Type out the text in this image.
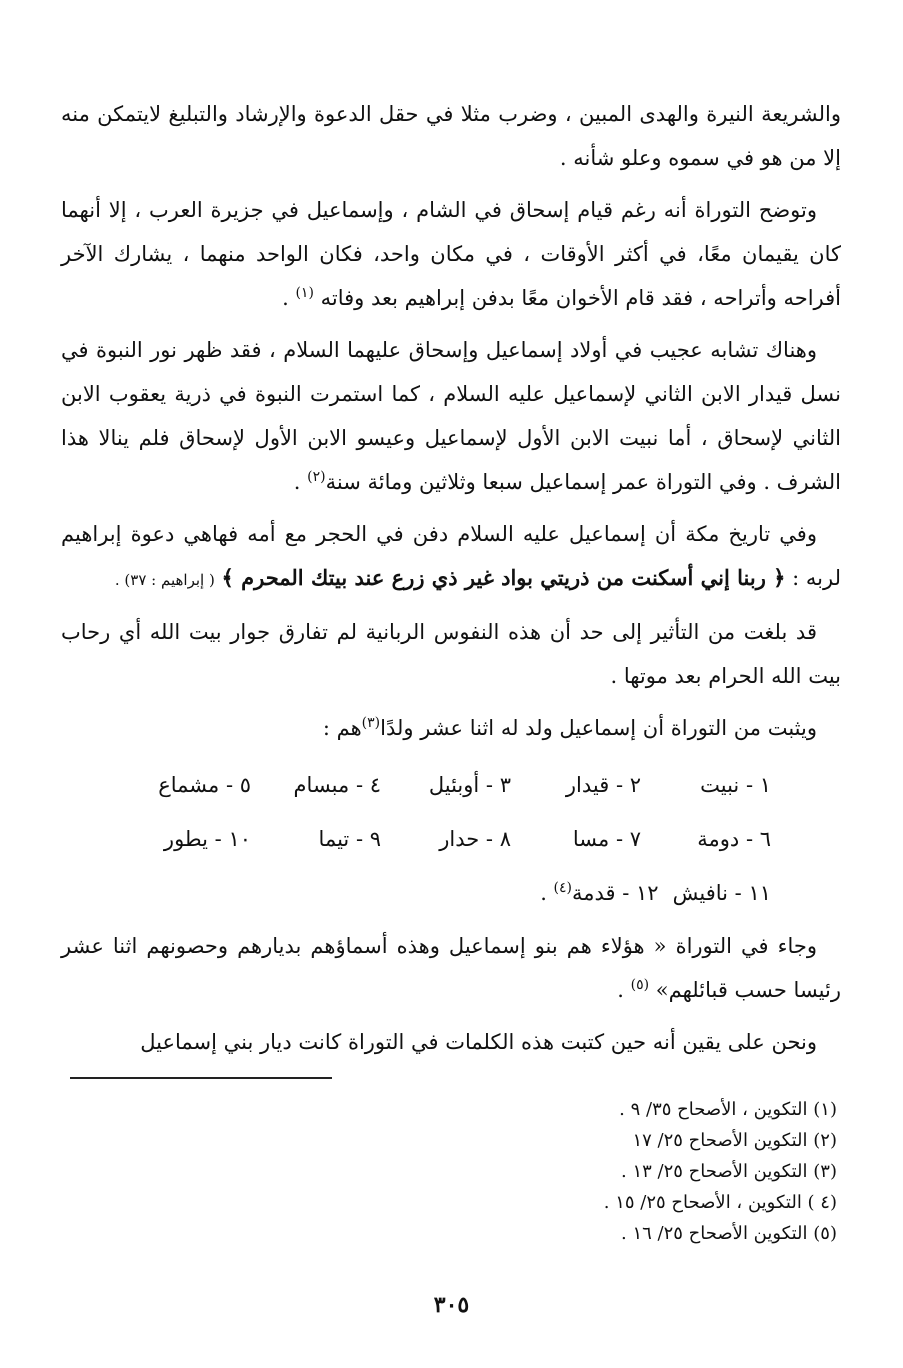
والشريعة النيرة والهدى المبين ، وضرب مثلا في حقل الدعوة والإرشاد والتبليغ لايتمكن منه إلا من هو في سموه وعلو شأنه .

وتوضح التوراة أنه رغم قيام إسحاق في الشام ، وإسماعيل في جزيرة العرب ، إلا أنهما كان يقيمان معًا، في أكثر الأوقات ، في مكان واحد، فكان الواحد منهما ، يشارك الآخر أفراحه وأتراحه ، فقد قام الأخوان معًا بدفن إبراهيم بعد وفاته $^{(١)}$ .

وهناك تشابه عجيب في أولاد إسماعيل وإسحاق عليهما السلام ، فقد ظهر نور النبوة في نسل قيدار الابن الثاني لإسماعيل عليه السلام ، كما استمرت النبوة في ذرية يعقوب الابن الثاني لإسحاق ، أما نبيت الابن الأول لإسماعيل وعيسو الابن الأول لإسحاق فلم ينالا هذا الشرف . وفي التوراة عمر إسماعيل سبعا وثلاثين ومائة سنة$^{(٢)}$ .

وفي تاريخ مكة أن إسماعيل عليه السلام دفن في الحجر مع أمه فهاهي دعوة إبراهيم لربه : ﴿ ربنا إني أسكنت من ذريتي بواد غير ذي زرع عند بيتك المحرم ﴾ ( إبراهيم : ٣٧) .

قد بلغت من التأثير إلى حد أن هذه النفوس الربانية لم تفارق جوار بيت الله أي رحاب بيت الله الحرام بعد موتها .

ويثبت من التوراة أن إسماعيل ولد له اثنا عشر ولدًا$^{(٣)}$هم :

١ - نبيت
٢ - قيدار
٣ - أوبئيل
٤ - مبسام
٥ - مشماع
٦ - دومة
٧ - مسا
٨ - حدار
٩ - تيما
١٠ - يطور
١١ - نافيش
١٢ - قدمة$^{(٤)}$ .

وجاء في التوراة « هؤلاء هم بنو إسماعيل وهذه أسماؤهم بديارهم وحصونهم اثنا عشر رئيسا حسب قبائلهم» $^{(٥)}$ .

ونحن على يقين أنه حين كتبت هذه الكلمات في التوراة كانت ديار بني إسماعيل

(١) التكوين ، الأصحاح ٣٥/ ٩ .
(٢) التكوين الأصحاح ٢٥/ ١٧
(٣) التكوين الأصحاح ٢٥/ ١٣ .
(٤ ) التكوين ، الأصحاح ٢٥/ ١٥ .
(٥) التكوين الأصحاح ٢٥/ ١٦ .
٣٠٥
